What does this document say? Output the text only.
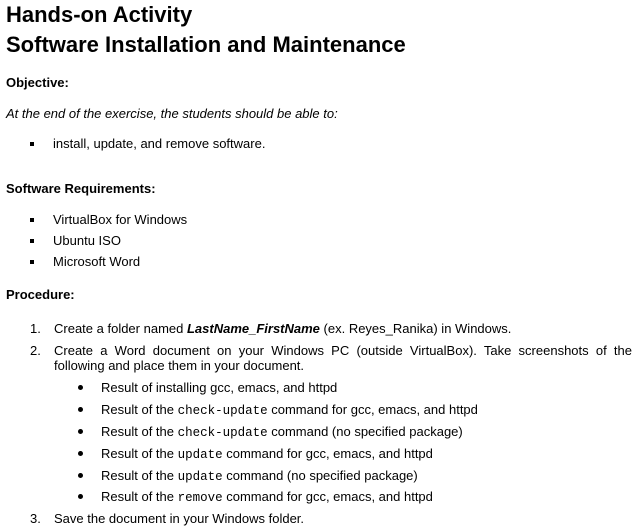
Hands-on Activity
Software Installation and Maintenance
Objective:
At the end of the exercise, the students should be able to:
install, update, and remove software.
Software Requirements:
VirtualBox for Windows
Ubuntu ISO
Microsoft Word
Procedure:
1. Create a folder named LastName_FirstName (ex. Reyes_Ranika) in Windows.
2. Create a Word document on your Windows PC (outside VirtualBox). Take screenshots of the following and place them in your document.
Result of installing gcc, emacs, and httpd
Result of the check-update command for gcc, emacs, and httpd
Result of the check-update command (no specified package)
Result of the update command for gcc, emacs, and httpd
Result of the update command (no specified package)
Result of the remove command for gcc, emacs, and httpd
3. Save the document in your Windows folder.
